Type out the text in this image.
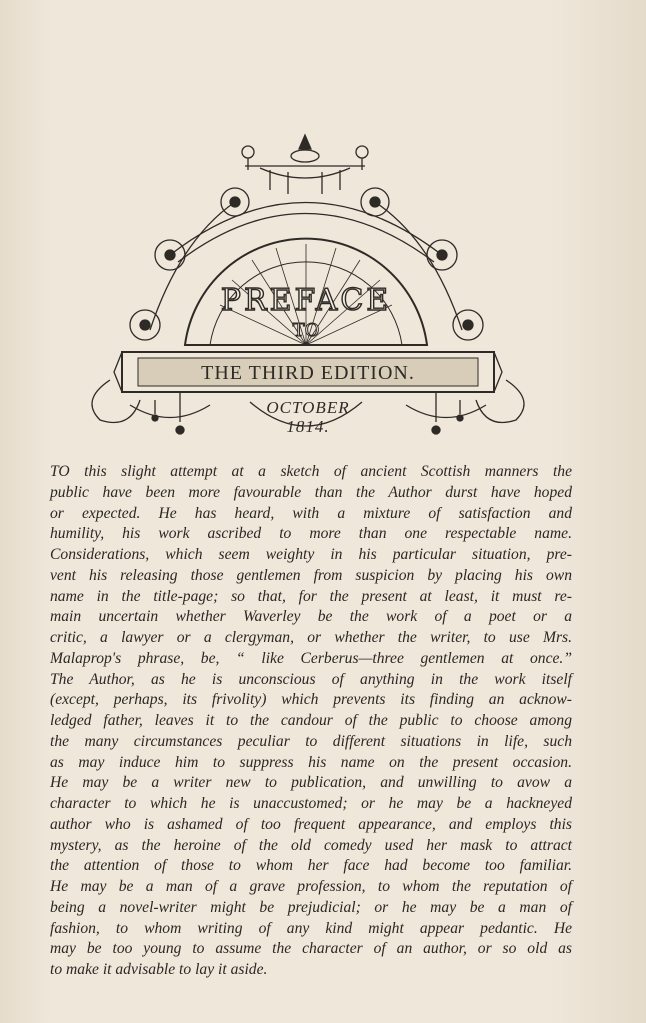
PREFACE
TO
THE THIRD EDITION.
OCTOBER
1814.
TO this slight attempt at a sketch of ancient Scottish manners the
public have been more favourable than the Author durst have hoped
or expected. He has heard, with a mixture of satisfaction and
humility, his work ascribed to more than one respectable name.
Considerations, which seem weighty in his particular situation, pre-
vent his releasing those gentlemen from suspicion by placing his own
name in the title-page; so that, for the present at least, it must re-
main uncertain whether Waverley be the work of a poet or a
critic, a lawyer or a clergyman, or whether the writer, to use Mrs.
Malaprop's phrase, be, “ like Cerberus—three gentlemen at once.”
The Author, as he is unconscious of anything in the work itself
(except, perhaps, its frivolity) which prevents its finding an acknow-
ledged father, leaves it to the candour of the public to choose among
the many circumstances peculiar to different situations in life, such
as may induce him to suppress his name on the present occasion.
He may be a writer new to publication, and unwilling to avow a
character to which he is unaccustomed; or he may be a hackneyed
author who is ashamed of too frequent appearance, and employs this
mystery, as the heroine of the old comedy used her mask to attract
the attention of those to whom her face had become too familiar.
He may be a man of a grave profession, to whom the reputation of
being a novel-writer might be prejudicial; or he may be a man of
fashion, to whom writing of any kind might appear pedantic. He
may be too young to assume the character of an author, or so old as
to make it advisable to lay it aside.
